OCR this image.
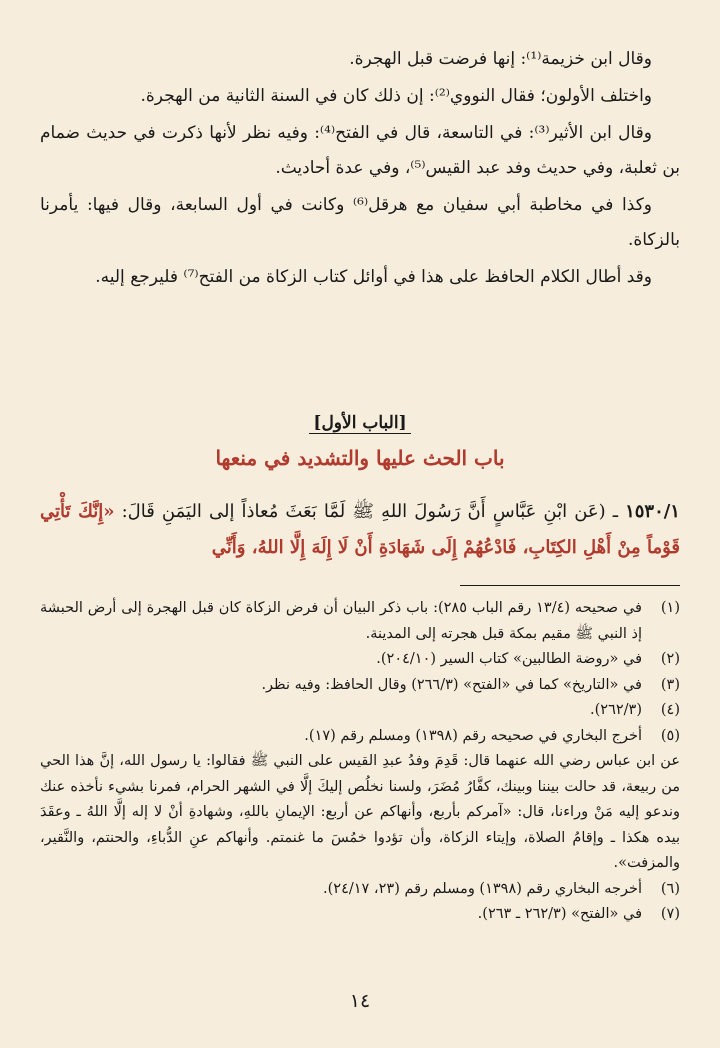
وقال ابن خزيمة⁽¹⁾: إنها فرضت قبل الهجرة.

واختلف الأولون؛ فقال النووي⁽²⁾: إن ذلك كان في السنة الثانية من الهجرة.

وقال ابن الأثير⁽³⁾: في التاسعة، قال في الفتح⁽⁴⁾: وفيه نظر لأنها ذكرت في حديث ضمام بن ثعلبة، وفي حديث وفد عبد القيس⁽⁵⁾، وفي عدة أحاديث.

وكذا في مخاطبة أبي سفيان مع هرقل⁽⁶⁾ وكانت في أول السابعة، وقال فيها: يأمرنا بالزكاة.

وقد أطال الكلام الحافظ على هذا في أوائل كتاب الزكاة من الفتح⁽⁷⁾ فليرجع إليه.

[الباب الأول]
باب الحث عليها والتشديد في منعها
١٥٣٠/١ ـ (عَن ابْنِ عَبَّاسٍ أَنَّ رَسُولَ اللهِ ﷺ لَمَّا بَعَثَ مُعاذاً إلى اليَمَنِ قَالَ: «إِنَّكَ تَأْتِي قَوْماً مِنْ أَهْلِ الكِتَابِ، فَادْعُهُمْ إِلَى شَهَادَةِ أَنْ لَا إِلَهَ إِلَّا اللهُ، وَأَنِّي
(١)
في صحيحه (١٣/٤ رقم الباب ٢٨٥): باب ذكر البيان أن فرض الزكاة كان قبل الهجرة إلى أرض الحبشة إذ النبي ﷺ مقيم بمكة قبل هجرته إلى المدينة.
(٢)
في «روضة الطالبين» كتاب السير (٢٠٤/١٠).
(٣)
في «التاريخ» كما في «الفتح» (٢٦٦/٣) وقال الحافظ: وفيه نظر.
(٤)
(٢٦٢/٣).
(٥)
أخرج البخاري في صحيحه رقم (١٣٩٨) ومسلم رقم (١٧).

عن ابن عباس رضي الله عنهما قال: قَدِمَ وفدُ عبدِ القيس على النبي ﷺ فقالوا: يا رسول الله، إنَّ هذا الحي من ربيعة، قد حالت بيننا وبينك، كفَّارُ مُضَرَ، ولسنا نخلُص إليكَ إلَّا في الشهر الحرام، فمرنا بشيء نأخذه عنك وندعو إليه مَنْ وراءنا، قال: «آمركم بأربع، وأنهاكم عن أربع: الإيمانِ باللهِ، وشهادةِ أنْ لا إله إلَّا اللهُ ـ وعقَدَ بيده هكذا ـ وإقامُ الصلاة، وإيتاء الزكاة، وأن تؤدوا خمُسَ ما غنمتم. وأنهاكم عنِ الدُّباءِ، والحنتم، والنَّقير، والمزفت».

(٦)
أخرجه البخاري رقم (١٣٩٨) ومسلم رقم (٢٣، ٢٤/١٧).
(٧)
في «الفتح» (٢٦٢/٣ ـ ٢٦٣).
١٤
